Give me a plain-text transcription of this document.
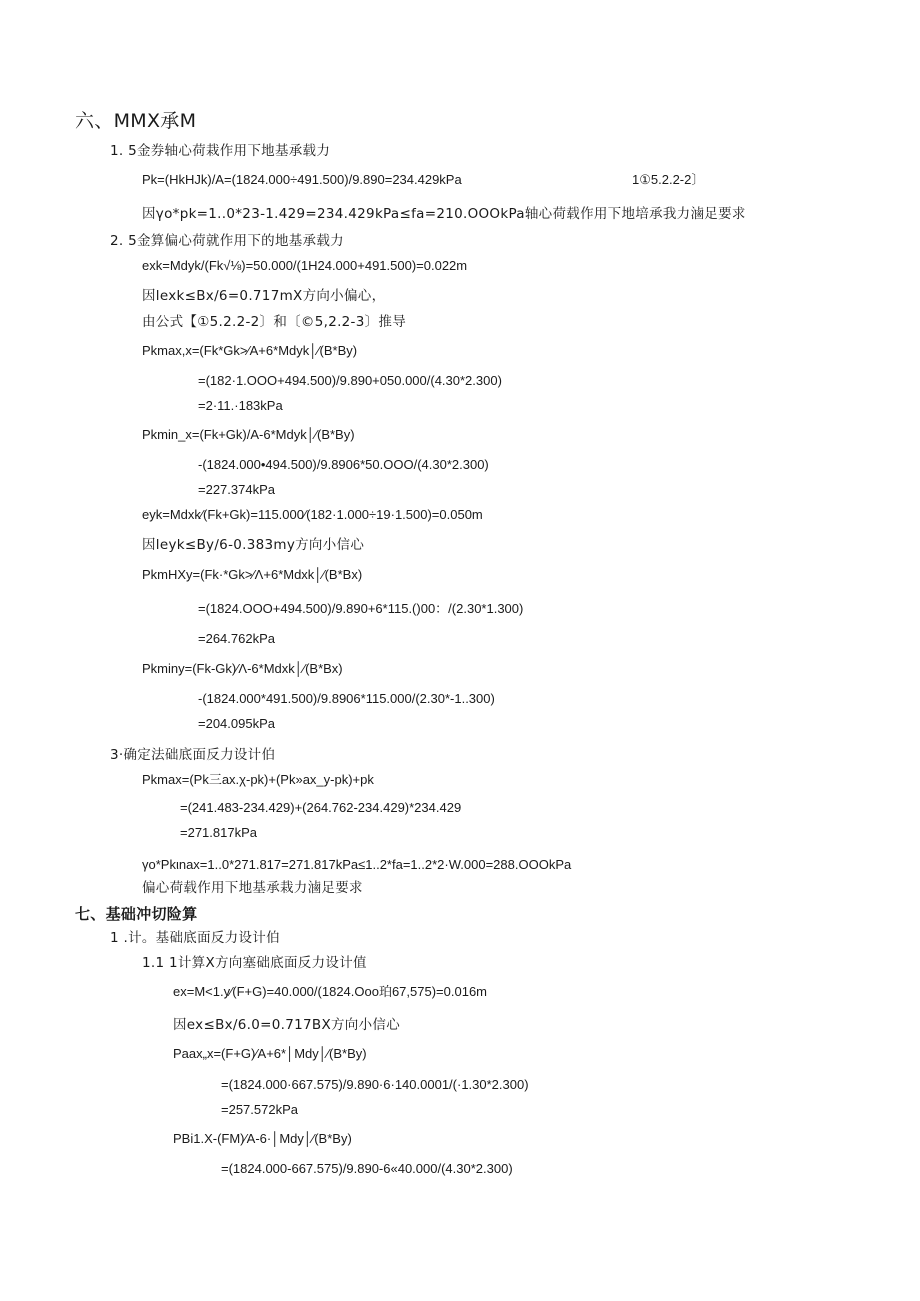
六、MMX承M
1. 5金券轴心荷栽作用下地基承载力
Pk=(HkHJk)/A=(1824.000÷491.500)/9.890=234.429kPa	1①5.2.2-2〕
因γo*pk=1..0*23-1.429=234.429kPa≤fa=210.OOOkPa轴心荷载作用下地培承我力滷足要求
2. 5金算偏心荷就作用下的地基承载力
exk=Mdyk/(Fk√⅛)=50.000/(1H24.000+491.500)=0.022m
因lexk≤Bx∕6=0.717mX方向小偏心，
由公式【①5.2.2-2〕和〔©5,2.2-3〕推导
Pkmax,x=(Fk*Gk>∕A+6*Mdyk│∕(B*By)
=(182·1.OOO+494.500)/9.890+050.000/(4.30*2.300)
=2·11.·183kPa
Pkmin_x=(Fk+Gk)/A-6*Mdyk│∕(B*By)
-(1824.000•494.500)/9.8906*50.OOO/(4.30*2.300)
=227.374kPa
eyk=Mdxk∕(Fk+Gk)=115.000∕(182·1.000÷19·1.500)=0.050m
因leyk≤By∕6-0.383my方向小信心
PkmHXy=(Fk·*Gk>∕Λ+6*Mdxk│∕(B*Bx)
=(1824.OOO+494.500)/9.890+6*115.()00：/(2.30*1.300)
=264.762kPa
Pkminy=(Fk-Gk)∕Λ-6*Mdxk│∕(B*Bx)
-(1824.000*491.500)/9.8906*115.000/(2.30*-1..300)
=204.095kPa
3·确定法础底面反力设计伯
Pkmax=(Pk三ax.χ-pk)+(Pk»ax_y-pk)+pk
=(241.483-234.429)+(264.762-234.429)*234.429
=271.817kPa
γo*Pkιnax=1..0*271.817=271.817kPa≤1..2*fa=1..2*2·W.000=288.OOOkPa
偏心荷载作用下地基承栽力滷足要求
七、基础冲切险算
1 .计。基础底面反力设计伯
1.1 1计算X方向塞础底面反力设计值
ex=M<1.y∕(F+G)=40.000/(1824.Ooo珀67,575)=0.016m
因ex≤Bx∕6.0=0.717BX方向小信心
Paax„x=(F+G)∕A+6*│Mdy│∕(B*By)
=(1824.000·667.575)/9.890·6·140.0001/(·1.30*2.300)
=257.572kPa
PBi1.X-(FM)∕A-6·│Mdy│∕(B*By)
=(1824.000-667.575)/9.890-6«40.000/(4.30*2.300)
